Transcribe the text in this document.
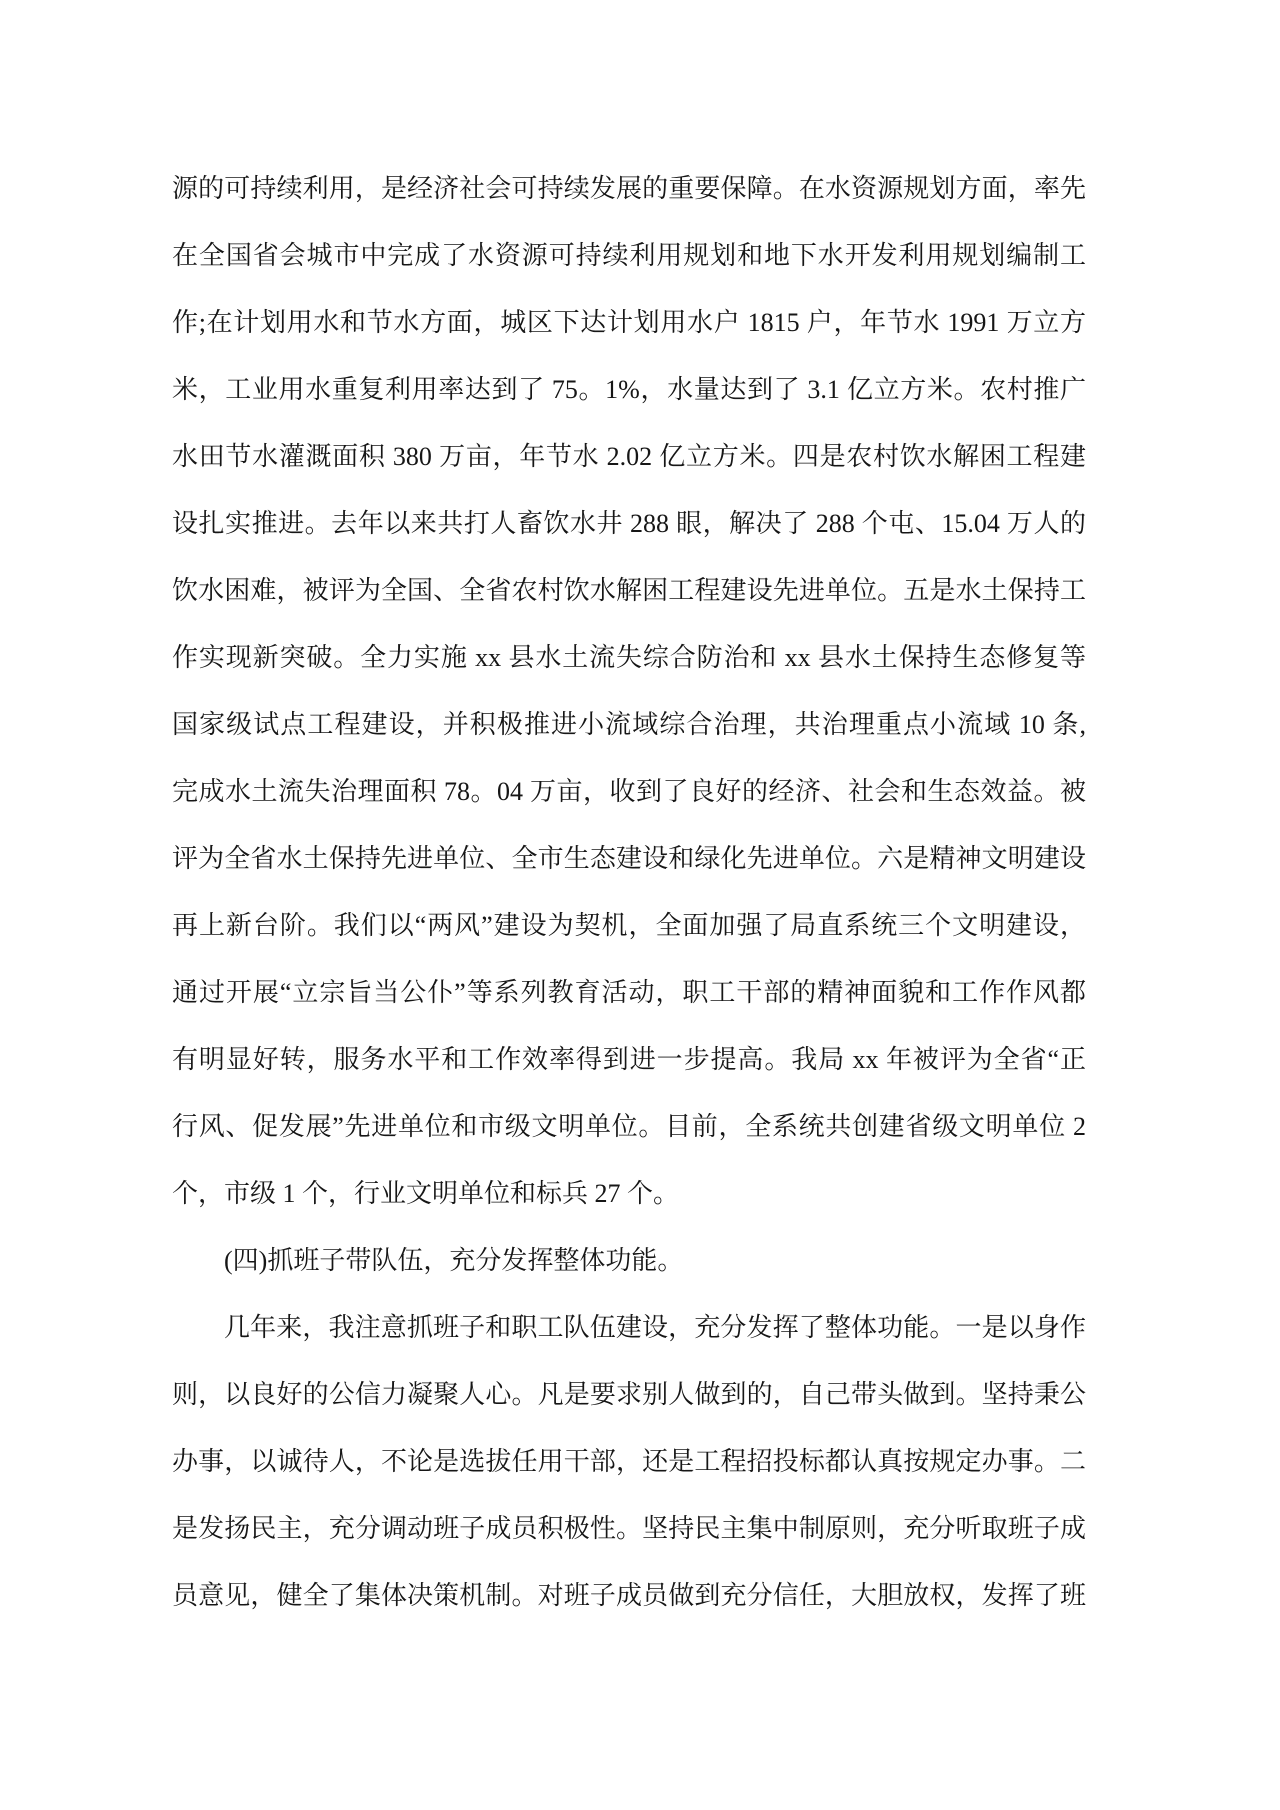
源的可持续利用，是经济社会可持续发展的重要保障。在水资源规划方面，率先
在全国省会城市中完成了水资源可持续利用规划和地下水开发利用规划编制工
作;在计划用水和节水方面，城区下达计划用水户 1815 户，年节水 1991 万立方
米，工业用水重复利用率达到了 75。1%，水量达到了 3.1 亿立方米。农村推广
水田节水灌溉面积 380 万亩，年节水 2.02 亿立方米。四是农村饮水解困工程建
设扎实推进。去年以来共打人畜饮水井 288 眼，解决了 288 个屯、15.04 万人的
饮水困难，被评为全国、全省农村饮水解困工程建设先进单位。五是水土保持工
作实现新突破。全力实施 xx 县水土流失综合防治和 xx 县水土保持生态修复等
国家级试点工程建设，并积极推进小流域综合治理，共治理重点小流域 10 条,
完成水土流失治理面积 78。04 万亩，收到了良好的经济、社会和生态效益。被
评为全省水土保持先进单位、全市生态建设和绿化先进单位。六是精神文明建设
再上新台阶。我们以“两风”建设为契机，全面加强了局直系统三个文明建设，
通过开展“立宗旨当公仆”等系列教育活动，职工干部的精神面貌和工作作风都
有明显好转，服务水平和工作效率得到进一步提高。我局 xx 年被评为全省“正
行风、促发展”先进单位和市级文明单位。目前，全系统共创建省级文明单位 2
个，市级 1 个，行业文明单位和标兵 27 个。
(四)抓班子带队伍，充分发挥整体功能。
几年来，我注意抓班子和职工队伍建设，充分发挥了整体功能。一是以身作
则，以良好的公信力凝聚人心。凡是要求别人做到的，自己带头做到。坚持秉公
办事，以诚待人，不论是选拔任用干部，还是工程招投标都认真按规定办事。二
是发扬民主，充分调动班子成员积极性。坚持民主集中制原则，充分听取班子成
员意见，健全了集体决策机制。对班子成员做到充分信任，大胆放权，发挥了班
